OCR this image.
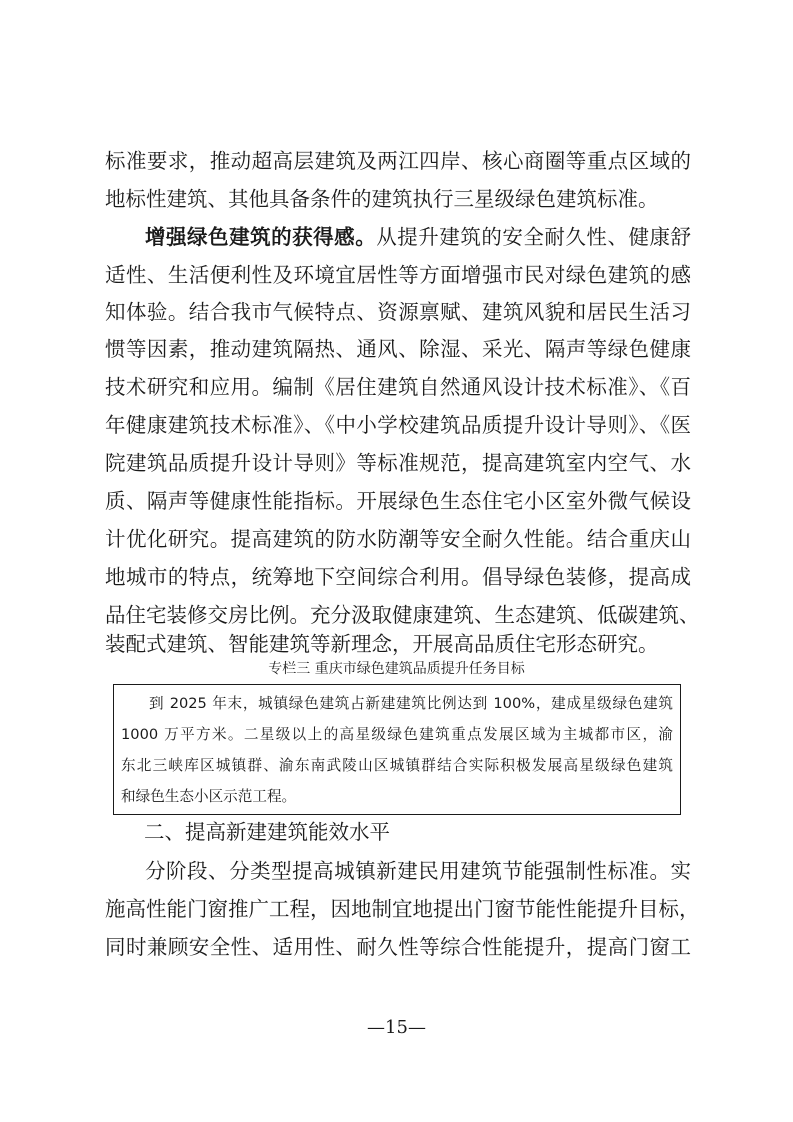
标准要求，推动超高层建筑及两江四岸、核心商圈等重点区域的
地标性建筑、其他具备条件的建筑执行三星级绿色建筑标准。
增强绿色建筑的获得感。从提升建筑的安全耐久性、健康舒
适性、生活便利性及环境宜居性等方面增强市民对绿色建筑的感
知体验。结合我市气候特点、资源禀赋、建筑风貌和居民生活习
惯等因素，推动建筑隔热、通风、除湿、采光、隔声等绿色健康
技术研究和应用。编制《居住建筑自然通风设计技术标准》、《百
年健康建筑技术标准》、《中小学校建筑品质提升设计导则》、《医
院建筑品质提升设计导则》等标准规范，提高建筑室内空气、水
质、隔声等健康性能指标。开展绿色生态住宅小区室外微气候设
计优化研究。提高建筑的防水防潮等安全耐久性能。结合重庆山
地城市的特点，统筹地下空间综合利用。倡导绿色装修，提高成
品住宅装修交房比例。充分汲取健康建筑、生态建筑、低碳建筑、
装配式建筑、智能建筑等新理念，开展高品质住宅形态研究。
专栏三 重庆市绿色建筑品质提升任务目标
到 2025 年末，城镇绿色建筑占新建建筑比例达到 100%，建成星级绿色建筑
1000 万平方米。二星级以上的高星级绿色建筑重点发展区域为主城都市区，渝
东北三峡库区城镇群、渝东南武陵山区城镇群结合实际积极发展高星级绿色建筑
和绿色生态小区示范工程。
二、提高新建建筑能效水平
分阶段、分类型提高城镇新建民用建筑节能强制性标准。实
施高性能门窗推广工程，因地制宜地提出门窗节能性能提升目标，
同时兼顾安全性、适用性、耐久性等综合性能提升，提高门窗工
—15—
